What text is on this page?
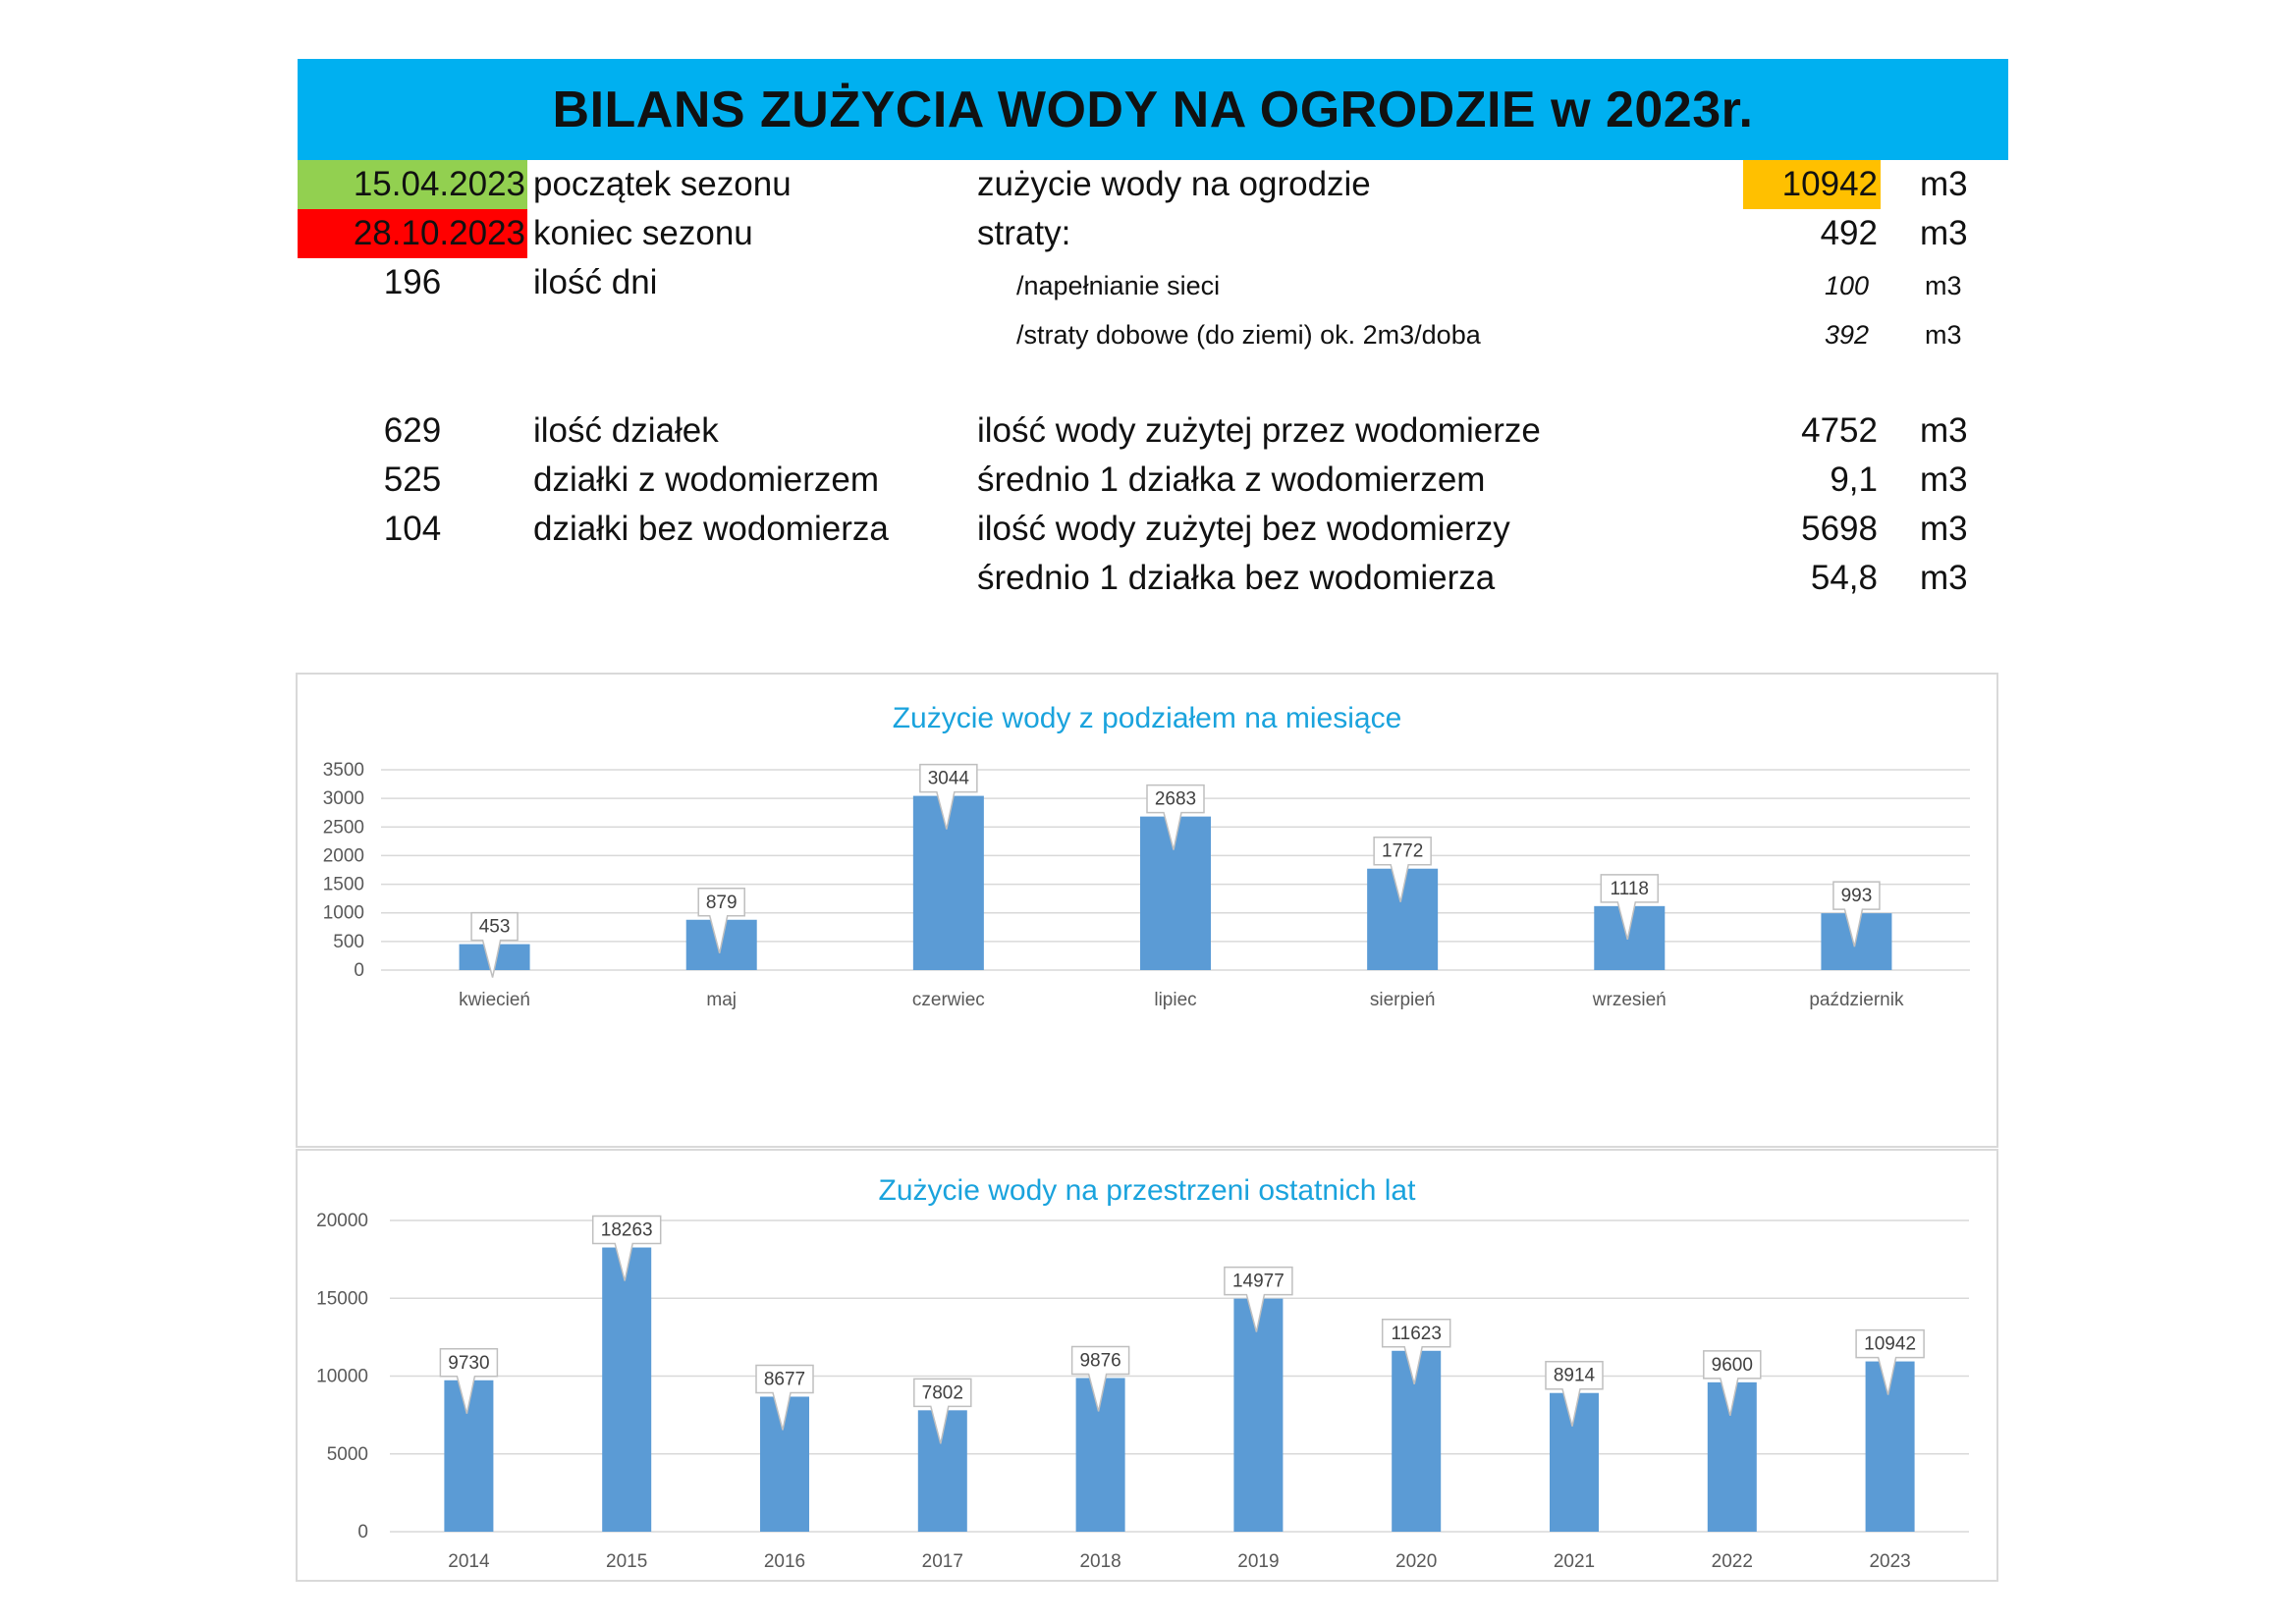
BILANS ZUŻYCIA WODY NA OGRODZIE w 2023r.
15.04.2023 początek sezonu	zużycie wody na ogrodzie	10942 m3
28.10.2023 koniec sezonu	straty:	492 m3
196	ilość dni	/napełnianie sieci	100 m3
/straty dobowe (do ziemi) ok. 2m3/doba	392 m3
629	ilość działek	ilość wody zużytej przez wodomierze	4752 m3
525	działki z wodomierzem	średnio 1 działka z wodomierzem	9,1 m3
104	działki bez wodomierza	ilość wody zużytej bez wodomierzy	5698 m3
średnio 1 działka bez wodomierza	54,8 m3
Zużycie wody z podziałem na miesiące
0
500
1000
1500
2000
2500
3000
3500
kwiecień
453
maj
879
czerwiec
3044
lipiec
2683
sierpień
1772
wrzesień
1118
październik
993
Zużycie wody na przestrzeni ostatnich lat
0
5000
10000
15000
20000
2014
9730
2015
18263
2016
8677
2017
7802
2018
9876
2019
14977
2020
11623
2021
8914
2022
9600
2023
10942
